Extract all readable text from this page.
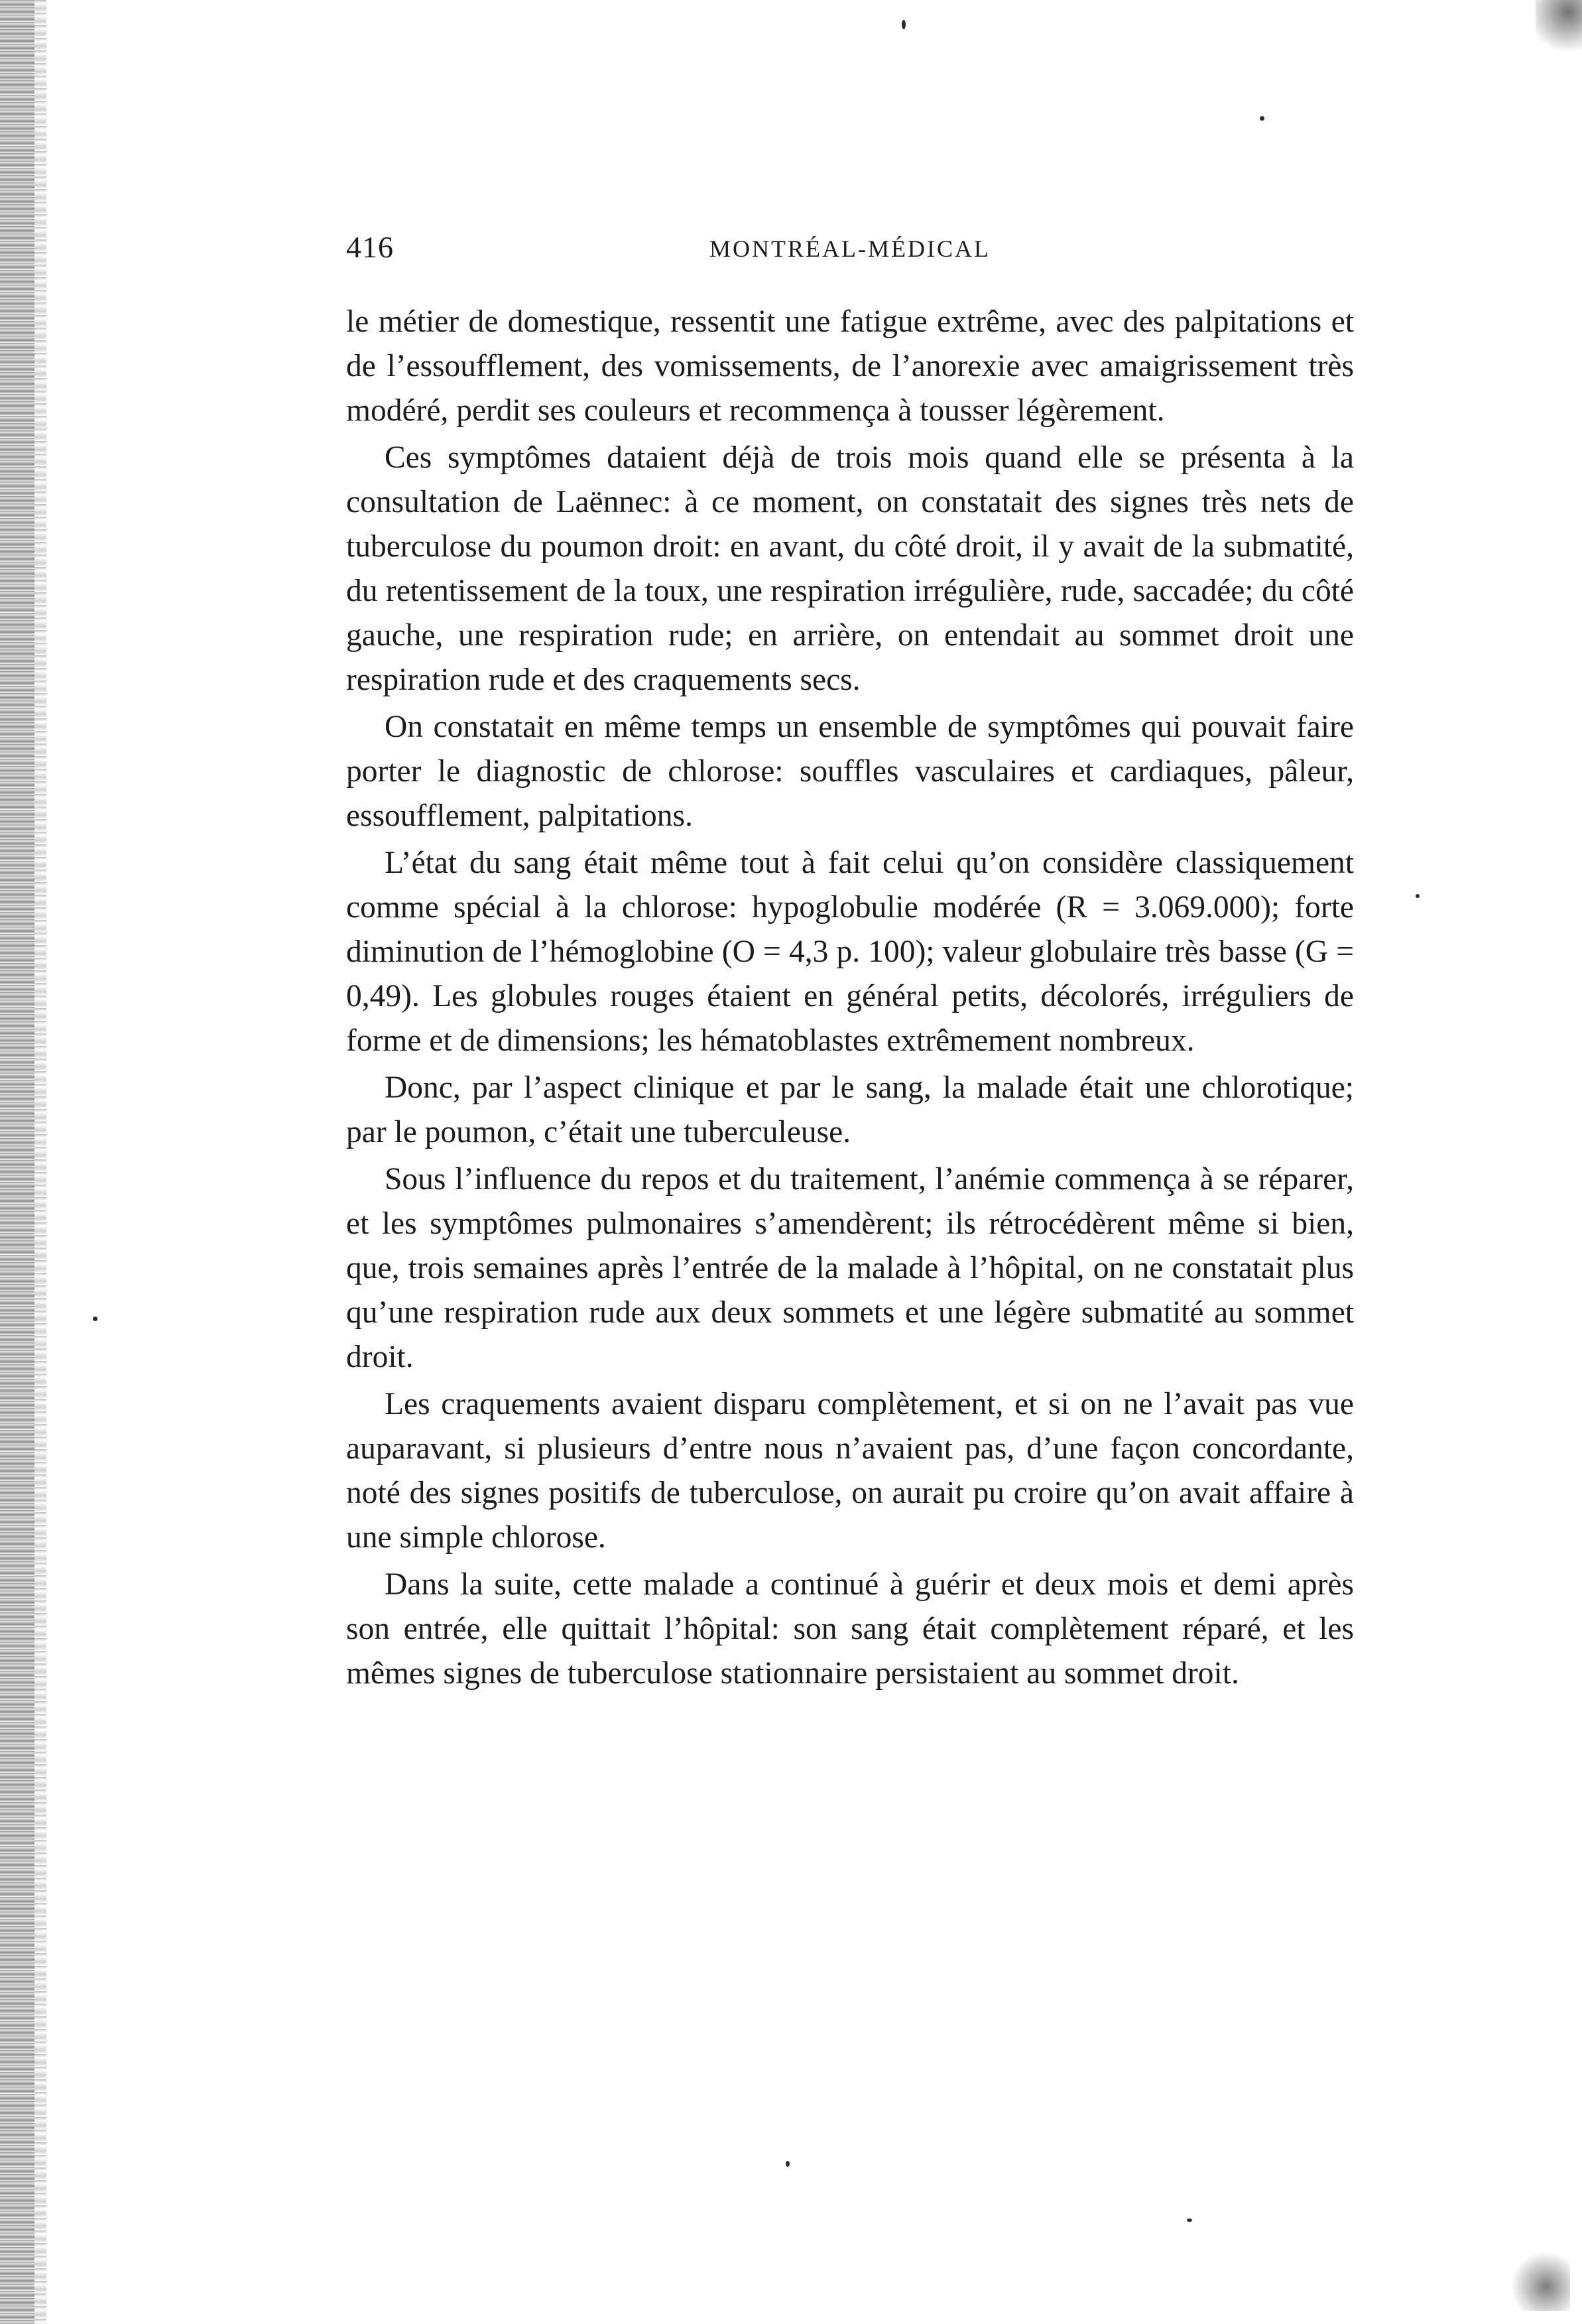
416	MONTRÉAL-MÉDICAL

le métier de domestique, ressentit une fatigue extrême, avec des palpitations et de l’essoufflement, des vomissements, de l’anorexie avec amaigrissement très modéré, perdit ses couleurs et recommença à tousser légèrement.

Ces symptômes dataient déjà de trois mois quand elle se présenta à la consultation de Laënnec: à ce moment, on constatait des signes très nets de tuberculose du poumon droit: en avant, du côté droit, il y avait de la submatité, du retentissement de la toux, une respiration irrégulière, rude, saccadée; du côté gauche, une respiration rude; en arrière, on entendait au sommet droit une respiration rude et des craquements secs.

On constatait en même temps un ensemble de symptômes qui pouvait faire porter le diagnostic de chlorose: souffles vasculaires et cardiaques, pâleur, essoufflement, palpitations.

L’état du sang était même tout à fait celui qu’on considère classiquement comme spécial à la chlorose: hypoglobulie modérée (R = 3.069.000); forte diminution de l’hémoglobine (O = 4,3 p. 100); valeur globulaire très basse (G = 0,49). Les globules rouges étaient en général petits, décolorés, irréguliers de forme et de dimensions; les hématoblastes extrêmement nombreux.

Donc, par l’aspect clinique et par le sang, la malade était une chlorotique; par le poumon, c’était une tuberculeuse.

Sous l’influence du repos et du traitement, l’anémie commença à se réparer, et les symptômes pulmonaires s’amendèrent; ils rétrocédèrent même si bien, que, trois semaines après l’entrée de la malade à l’hôpital, on ne constatait plus qu’une respiration rude aux deux sommets et une légère submatité au sommet droit.

Les craquements avaient disparu complètement, et si on ne l’avait pas vue auparavant, si plusieurs d’entre nous n’avaient pas, d’une façon concordante, noté des signes positifs de tuberculose, on aurait pu croire qu’on avait affaire à une simple chlorose.

Dans la suite, cette malade a continué à guérir et deux mois et demi après son entrée, elle quittait l’hôpital: son sang était complètement réparé, et les mêmes signes de tuberculose stationnaire persistaient au sommet droit.
